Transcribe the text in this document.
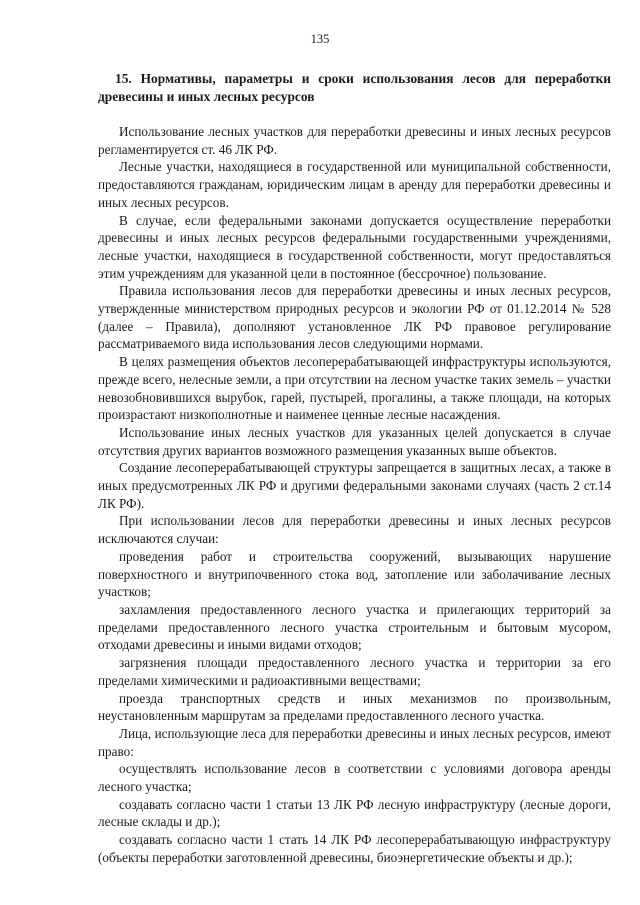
135

15. Нормативы, параметры и сроки использования лесов для переработки древесины и иных лесных ресурсов

Использование лесных участков для переработки древесины и иных лесных ресурсов регламентируется ст. 46 ЛК РФ.

Лесные участки, находящиеся в государственной или муниципальной собственности, предоставляются гражданам, юридическим лицам в аренду для переработки древесины и иных лесных ресурсов.

В случае, если федеральными законами допускается осуществление переработки древесины и иных лесных ресурсов федеральными государственными учреждениями, лесные участки, находящиеся в государственной собственности, могут предоставляться этим учреждениям для указанной цели в постоянное (бессрочное) пользование.

Правила использования лесов для переработки древесины и иных лесных ресурсов, утвержденные министерством природных ресурсов и экологии РФ от 01.12.2014 № 528 (далее – Правила), дополняют установленное ЛК РФ правовое регулирование рассматриваемого вида использования лесов следующими нормами.

В целях размещения объектов лесоперерабатывающей инфраструктуры используются, прежде всего, нелесные земли, а при отсутствии на лесном участке таких земель – участки невозобновившихся вырубок, гарей, пустырей, прогалины, а также площади, на которых произрастают низкополнотные и наименее ценные лесные насаждения.

Использование иных лесных участков для указанных целей допускается в случае отсутствия других вариантов возможного размещения указанных выше объектов.

Создание лесоперерабатывающей структуры запрещается в защитных лесах, а также в иных предусмотренных ЛК РФ и другими федеральными законами случаях (часть 2 ст.14 ЛК РФ).

При использовании лесов для переработки древесины и иных лесных ресурсов исключаются случаи:

проведения работ и строительства сооружений, вызывающих нарушение поверхностного и внутрипочвенного стока вод, затопление или заболачивание лесных участков;

захламления предоставленного лесного участка и прилегающих территорий за пределами предоставленного лесного участка строительным и бытовым мусором, отходами древесины и иными видами отходов;

загрязнения площади предоставленного лесного участка и территории за его пределами химическими и радиоактивными веществами;

проезда транспортных средств и иных механизмов по произвольным, неустановленным маршрутам за пределами предоставленного лесного участка.

Лица, использующие леса для переработки древесины и иных лесных ресурсов, имеют право:

осуществлять использование лесов в соответствии с условиями договора аренды лесного участка;

создавать согласно части 1 статьи 13 ЛК РФ лесную инфраструктуру (лесные дороги, лесные склады и др.);

создавать согласно части 1 стать 14 ЛК РФ лесоперерабатывающую инфраструктуру (объекты переработки заготовленной древесины, биоэнергетические объекты и др.);
